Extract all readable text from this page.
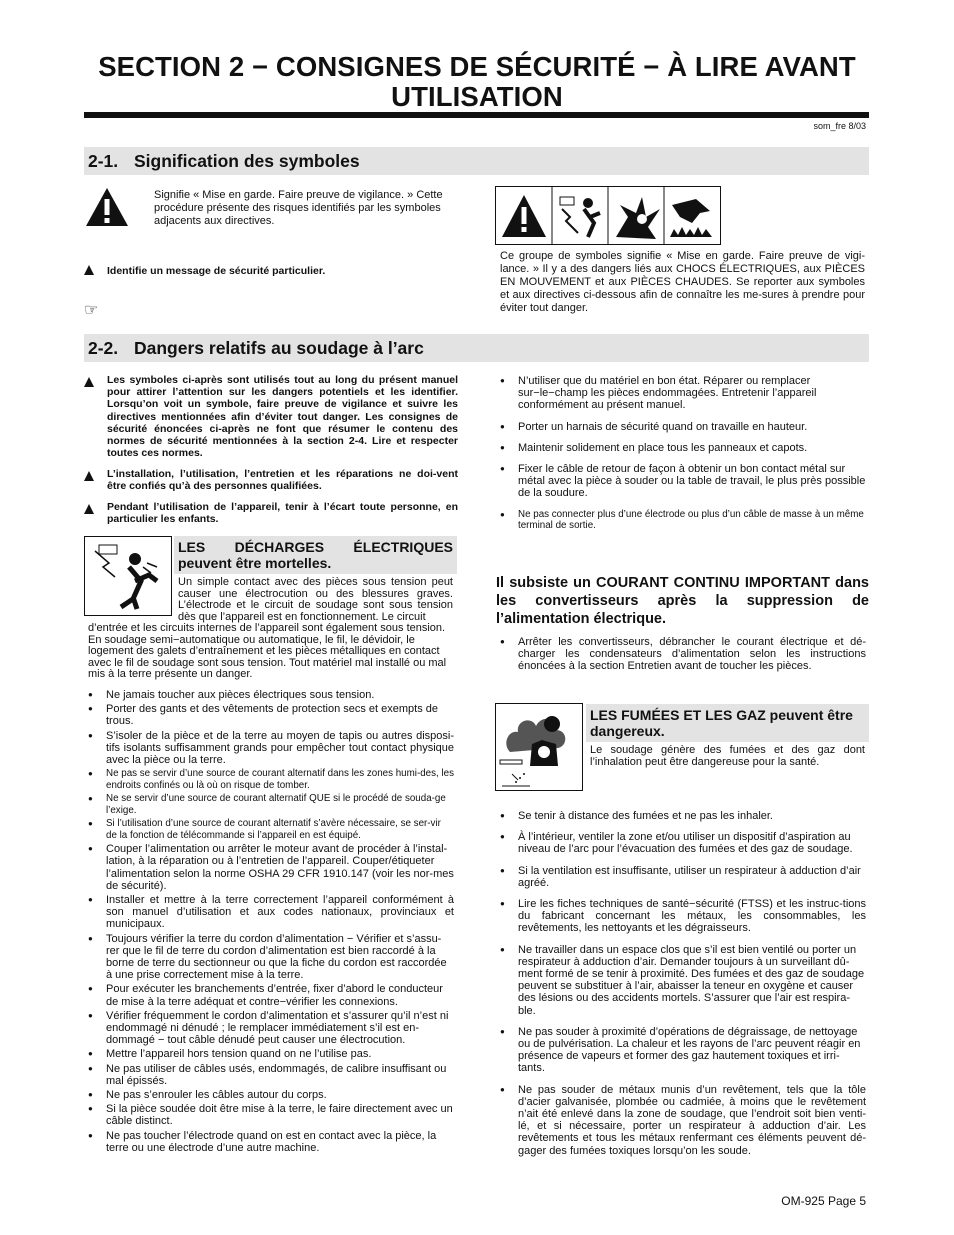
SECTION 2 − CONSIGNES DE SÉCURITÉ − À LIRE AVANT UTILISATION
som_fre 8/03
2-1. Signification des symboles
Signifie « Mise en garde. Faire preuve de vigilance. » Cette procédure présente des risques identifiés par les symboles adjacents aux directives.
Identifie un message de sécurité particulier.
☞
Ce groupe de symboles signifie « Mise en garde. Faire preuve de vigi-lance. » Il y a des dangers liés aux CHOCS ÉLECTRIQUES, aux PIÈCES EN MOUVEMENT et aux PIÈCES CHAUDES. Se reporter aux symboles et aux directives ci-dessous afin de connaître les me-sures à prendre pour éviter tout danger.
2-2. Dangers relatifs au soudage à l’arc
Les symboles ci-après sont utilisés tout au long du présent manuel pour attirer l’attention sur les dangers potentiels et les identifier. Lorsqu’on voit un symbole, faire preuve de vigilance et suivre les directives mentionnées afin d’éviter tout danger. Les consignes de sécurité énoncées ci-après ne font que résumer le contenu des normes de sécurité mentionnées à la section 2-4. Lire et respecter toutes ces normes.
L’installation, l’utilisation, l’entretien et les réparations ne doi-vent être confiés qu’à des personnes qualifiées.
Pendant l’utilisation de l’appareil, tenir à l’écart toute personne, en particulier les enfants.
LES DÉCHARGES ÉLECTRIQUES peuvent être mortelles.
Un simple contact avec des pièces sous tension peut causer une électrocution ou des blessures graves. L’électrode et le circuit de soudage sont sous tension dès que l’appareil est en fonctionnement. Le circuit
d’entrée et les circuits internes de l’appareil sont également sous tension. En soudage semi−automatique ou automatique, le fil, le dévidoir, le logement des galets d’entraînement et les pièces métalliques en contact avec le fil de soudage sont sous tension. Tout matériel mal installé ou mal mis à la terre présente un danger.
● Ne jamais toucher aux pièces électriques sous tension.
● Porter des gants et des vêtements de protection secs et exempts de trous.
● S’isoler de la pièce et de la terre au moyen de tapis ou autres disposi-tifs isolants suffisamment grands pour empêcher tout contact physique avec la pièce ou la terre.
● Ne pas se servir d’une source de courant alternatif dans les zones humi-des, les endroits confinés ou là où on risque de tomber.
● Ne se servir d’une source de courant alternatif QUE si le procédé de souda-ge l’exige.
● Si l’utilisation d’une source de courant alternatif s’avère nécessaire, se ser-vir de la fonction de télécommande si l’appareil en est équipé.
● Couper l’alimentation ou arrêter le moteur avant de procéder à l’instal-lation, à la réparation ou à l’entretien de l’appareil. Couper/étiqueter l’alimentation selon la norme OSHA 29 CFR 1910.147 (voir les nor-mes de sécurité).
● Installer et mettre à la terre correctement l’appareil conformément à son manuel d’utilisation et aux codes nationaux, provinciaux et municipaux.
● Toujours vérifier la terre du cordon d’alimentation − Vérifier et s’assu-rer que le fil de terre du cordon d’alimentation est bien raccordé à la borne de terre du sectionneur ou que la fiche du cordon est raccordée à une prise correctement mise à la terre.
● Pour exécuter les branchements d’entrée, fixer d’abord le conducteur de mise à la terre adéquat et contre−vérifier les connexions.
● Vérifier fréquemment le cordon d’alimentation et s’assurer qu’il n’est ni endommagé ni dénudé ; le remplacer immédiatement s’il est en-dommagé − tout câble dénudé peut causer une électrocution.
● Mettre l’appareil hors tension quand on ne l’utilise pas.
● Ne pas utiliser de câbles usés, endommagés, de calibre insuffisant ou mal épissés.
● Ne pas s’enrouler les câbles autour du corps.
● Si la pièce soudée doit être mise à la terre, le faire directement avec un câble distinct.
● Ne pas toucher l’électrode quand on est en contact avec la pièce, la terre ou une électrode d’une autre machine.
● N’utiliser que du matériel en bon état. Réparer ou remplacer sur−le−champ les pièces endommagées. Entretenir l’appareil conformément au présent manuel.
● Porter un harnais de sécurité quand on travaille en hauteur.
● Maintenir solidement en place tous les panneaux et capots.
● Fixer le câble de retour de façon à obtenir un bon contact métal sur métal avec la pièce à souder ou la table de travail, le plus près possible de la soudure.
● Ne pas connecter plus d’une électrode ou plus d’un câble de masse à un même terminal de sortie.
Il subsiste un COURANT CONTINU IMPORTANT dans les convertisseurs après la suppression de l’alimentation électrique.
● Arrêter les convertisseurs, débrancher le courant électrique et dé-charger les condensateurs d’alimentation selon les instructions énoncées à la section Entretien avant de toucher les pièces.
LES FUMÉES ET LES GAZ peuvent être dangereux.
Le soudage génère des fumées et des gaz dont l’inhalation peut être dangereuse pour la santé.
● Se tenir à distance des fumées et ne pas les inhaler.
● À l’intérieur, ventiler la zone et/ou utiliser un dispositif d’aspiration au niveau de l’arc pour l’évacuation des fumées et des gaz de soudage.
● Si la ventilation est insuffisante, utiliser un respirateur à adduction d’air agréé.
● Lire les fiches techniques de santé−sécurité (FTSS) et les instruc-tions du fabricant concernant les métaux, les consommables, les revêtements, les nettoyants et les dégraisseurs.
● Ne travailler dans un espace clos que s’il est bien ventilé ou porter un respirateur à adduction d’air. Demander toujours à un surveillant dû-ment formé de se tenir à proximité. Des fumées et des gaz de soudage peuvent se substituer à l’air, abaisser la teneur en oxygène et causer des lésions ou des accidents mortels. S’assurer que l’air est respira-ble.
● Ne pas souder à proximité d’opérations de dégraissage, de nettoyage ou de pulvérisation. La chaleur et les rayons de l’arc peuvent réagir en présence de vapeurs et former des gaz hautement toxiques et irri-tants.
● Ne pas souder de métaux munis d’un revêtement, tels que la tôle d’acier galvanisée, plombée ou cadmiée, à moins que le revêtement n’ait été enlevé dans la zone de soudage, que l’endroit soit bien venti-lé, et si nécessaire, porter un respirateur à adduction d’air. Les revêtements et tous les métaux renfermant ces éléments peuvent dé-gager des fumées toxiques lorsqu’on les soude.
OM-925 Page 5
